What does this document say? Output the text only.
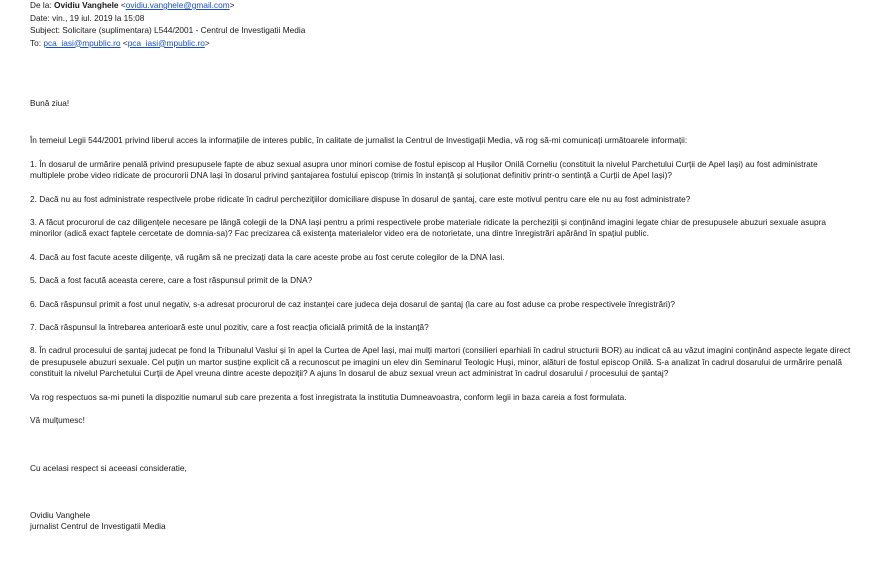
De la: Ovidiu Vanghele <ovidiu.vanghele@gmail.com>
Date: vin., 19 iul. 2019 la 15:08
Subject: Solicitare (suplimentara) L544/2001 - Centrul de Investigatii Media
To: pca_iasi@mpublic.ro <pca_iasi@mpublic.ro>

Bună ziua!

În temeiul Legii 544/2001 privind liberul acces la informațiile de interes public, în calitate de jurnalist la Centrul de Investigații Media, vă rog să-mi comunicați următoarele informații:

1. În dosarul de urmărire penală privind presupusele fapte de abuz sexual asupra unor minori comise de fostul episcop al Hușilor Onilă Corneliu (constituit la nivelul Parchetului Curții de Apel Iași) au fost administrate multiplele probe video ridicate de procurorii DNA Iași în dosarul privind șantajarea fostului episcop (trimis în instanță și soluționat definitiv printr-o sentință a Curții de Apel Iași)?

2. Dacă nu au fost administrate respectivele probe ridicate în cadrul percheziţiilor domiciliare dispuse în dosarul de şantaj, care este motivul pentru care ele nu au fost administrate?

3. A făcut procurorul de caz diligențele necesare pe lângă colegii de la DNA Iași pentru a primi respectivele probe materiale ridicate la percheziții și conținând imagini legate chiar de presupusele abuzuri sexuale asupra minorilor (adică exact faptele cercetate de domnia-sa)? Fac precizarea că existența materialelor video era de notorietate, una dintre înregistrări apărând în spațiul public.

4. Dacă au fost facute aceste diligențe, vă rugăm să ne precizați data la care aceste probe au fost cerute colegilor de la DNA Iasi.

5. Dacă a fost facută aceasta cerere, care a fost răspunsul primit de la DNA?

6. Dacă răspunsul primit a fost unul negativ, s-a adresat procurorul de caz instanței care judeca deja dosarul de șantaj (la care au fost aduse ca probe respectivele înregistrări)?

7. Dacă răspunsul la întrebarea anterioară este unul pozitiv, care a fost reacția oficială primită de la instanță?

8. În cadrul procesului de șantaj judecat pe fond la Tribunalul Vaslui și în apel la Curtea de Apel Iași, mai mulți martori (consilieri eparhiali în cadrul structurii BOR) au indicat că au văzut imagini conținând aspecte legate direct de presupusele abuzuri sexuale. Cel puțin un martor susține explicit că a recunoscut pe imagini un elev din Seminarul Teologic Huși, minor, alături de fostul episcop Onilă. S-a analizat în cadrul dosarului de urmărire penală constituit la nivelul Parchetului Curții de Apel vreuna dintre aceste depoziții? A ajuns în dosarul de abuz sexual vreun act administrat în cadrul dosarului / procesului de șantaj?

Va rog respectuos sa-mi puneti la dispozitie numarul sub care prezenta a fost inregistrata la institutia Dumneavoastra, conform legii in baza careia a fost formulata.

Vă mulțumesc!

Cu acelasi respect si aceeasi consideratie,

Ovidiu Vanghele

jurnalist Centrul de Investigatii Media
